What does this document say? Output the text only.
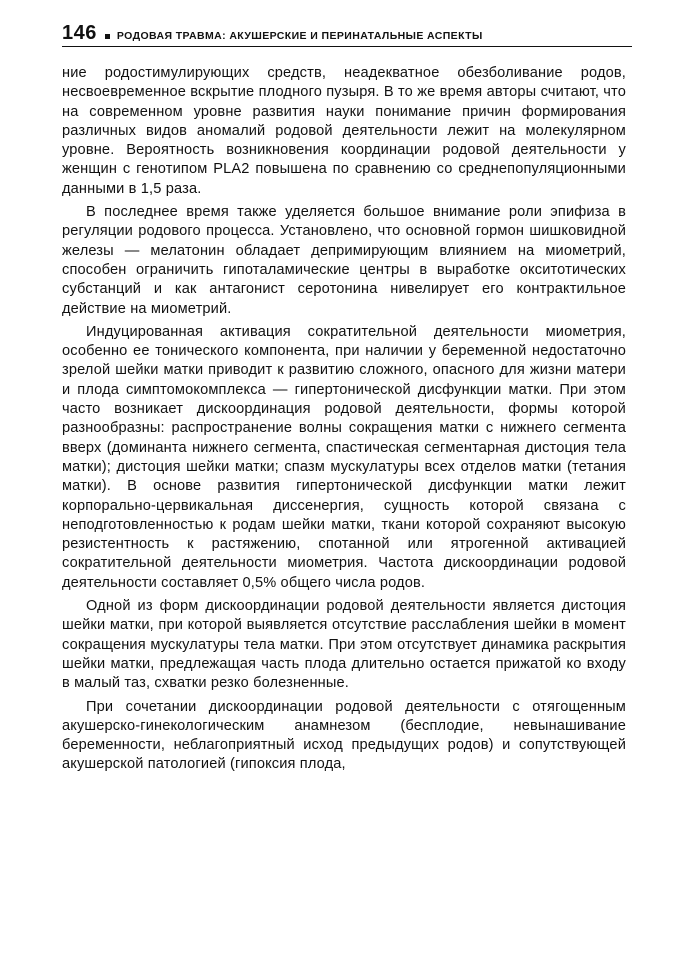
146 РОДОВАЯ ТРАВМА: АКУШЕРСКИЕ И ПЕРИНАТАЛЬНЫЕ АСПЕКТЫ

ние родостимулирующих средств, неадекватное обезболивание родов, несвоевременное вскрытие плодного пузыря. В то же время авторы считают, что на современном уровне развития науки понимание причин формирования различных видов аномалий родовой деятельности лежит на молекулярном уровне. Вероятность возникновения координации родовой деятельности у женщин с генотипом PLA2 повышена по сравнению со среднепопуляционными данными в 1,5 раза.

В последнее время также уделяется большое внимание роли эпифиза в регуляции родового процесса. Установлено, что основной гормон шишковидной железы — мелатонин обладает депримирующим влиянием на миометрий, способен ограничить гипоталамические центры в выработке окситотических субстанций и как антагонист серотонина нивелирует его контрактильное действие на миометрий.

Индуцированная активация сократительной деятельности миометрия, особенно ее тонического компонента, при наличии у беременной недостаточно зрелой шейки матки приводит к развитию сложного, опасного для жизни матери и плода симптомокомплекса — гипертонической дисфункции матки. При этом часто возникает дискоординация родовой деятельности, формы которой разнообразны: распространение волны сокращения матки с нижнего сегмента вверх (доминанта нижнего сегмента, спастическая сегментарная дистоция тела матки); дистоция шейки матки; спазм мускулатуры всех отделов матки (тетания матки). В основе развития гипертонической дисфункции матки лежит корпорально-цервикальная диссенергия, сущность которой связана с неподготовленностью к родам шейки матки, ткани которой сохраняют высокую резистентность к растяжению, спотанной или ятрогенной активацией сократительной деятельности миометрия. Частота дискоординации родовой деятельности составляет 0,5% общего числа родов.

Одной из форм дискоординации родовой деятельности является дистоция шейки матки, при которой выявляется отсутствие расслабления шейки в момент сокращения мускулатуры тела матки. При этом отсутствует динамика раскрытия шейки матки, предлежащая часть плода длительно остается прижатой ко входу в малый таз, схватки резко болезненные.

При сочетании дискоординации родовой деятельности с отягощенным акушерско-гинекологическим анамнезом (бесплодие, невынашивание беременности, неблагоприятный исход предыдущих родов) и сопутствующей акушерской патологией (гипоксия плода,
